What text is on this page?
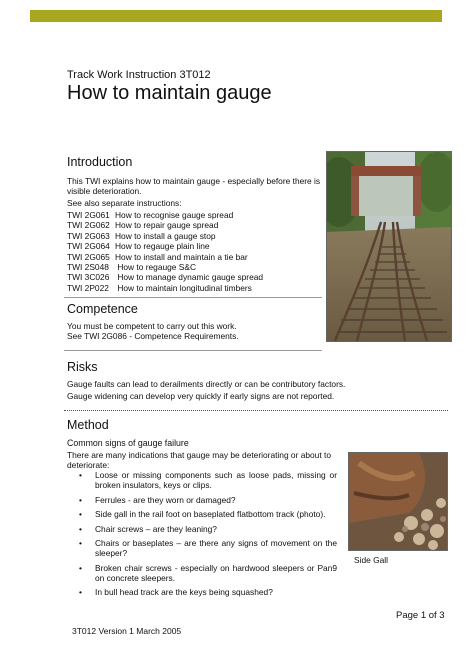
Track Work Instruction 3T012
How to maintain gauge
Introduction
This TWI explains how to maintain gauge - especially before there is visible deterioration.
See also separate instructions:
TWI 2G061 How to recognise gauge spread
TWI 2G062 How to repair gauge spread
TWI 2G063 How to install a gauge stop
TWI 2G064 How to regauge plain line
TWI 2G065 How to install and maintain a tie bar
TWI 2S048 How to regauge S&C
TWI 3C026 How to manage dynamic gauge spread
TWI 2P022 How to maintain longitudinal timbers
Competence
You must be competent to carry out this work.
See TWI 2G086 - Competence Requirements.
Risks
Gauge faults can lead to derailments directly or can be contributory factors.
Gauge widening can develop very quickly if early signs are not reported.
Method
Common signs of gauge failure
There are many indications that gauge may be deteriorating or about to deteriorate:
• Loose or missing components such as loose pads, missing or broken insulators, keys or clips.
• Ferrules - are they worn or damaged?
• Side gall in the rail foot on baseplated flatbottom track (photo).
• Chair screws – are they leaning?
• Chairs or baseplates – are there any signs of movement on the sleeper?
• Broken chair screws - especially on hardwood sleepers or Pan9 on concrete sleepers.
• In bull head track are the keys being squashed?
Side Gall
Page 1 of 3
3T012 Version 1 March 2005
